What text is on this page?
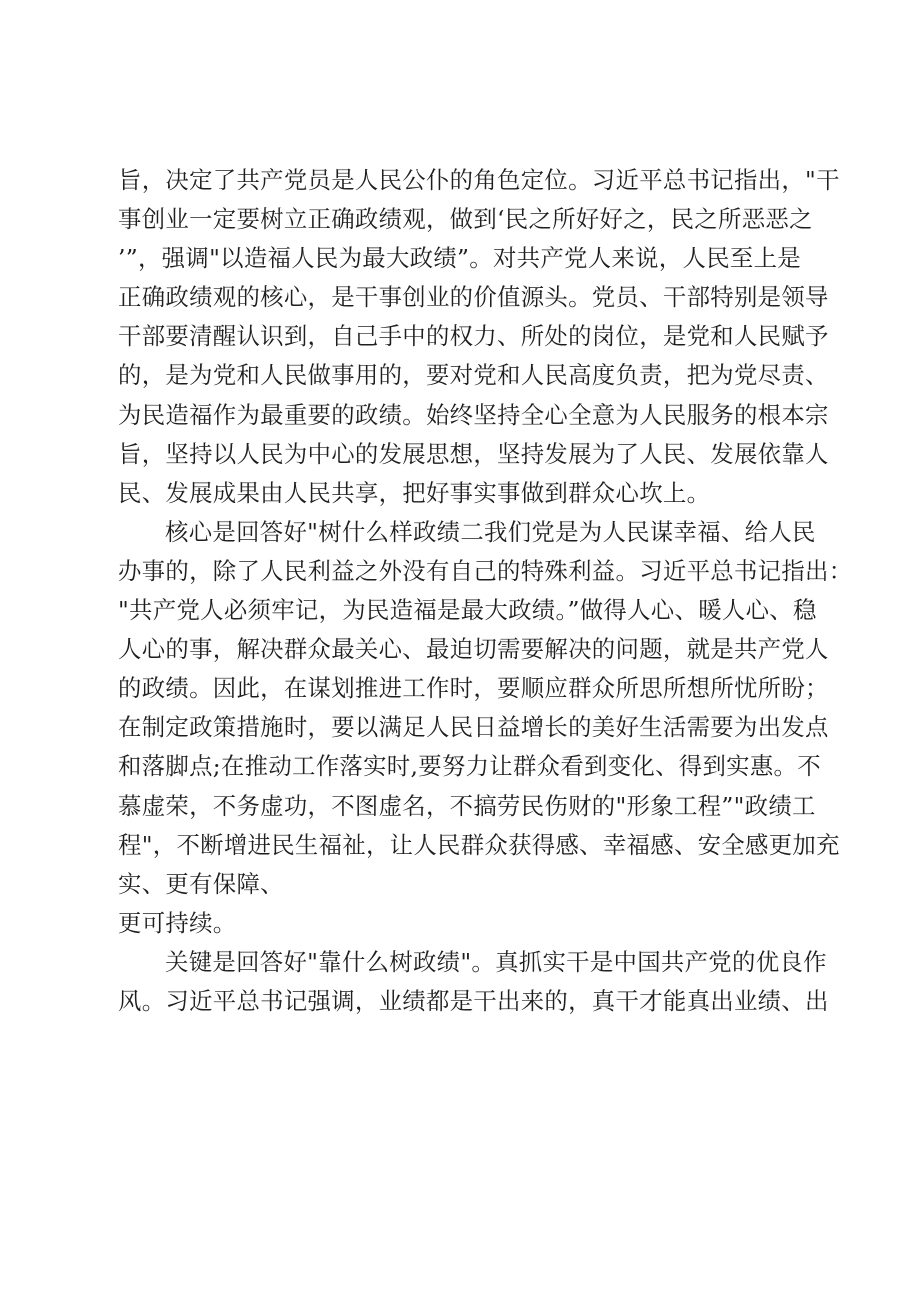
旨，决定了共产党员是人民公仆的角色定位。习近平总书记指出，"干
事创业一定要树立正确政绩观，做到‘民之所好好之，民之所恶恶之
’”，强调"以造福人民为最大政绩”。对共产党人来说，人民至上是
正确政绩观的核心，是干事创业的价值源头。党员、干部特别是领导
干部要清醒认识到，自己手中的权力、所处的岗位，是党和人民赋予
的，是为党和人民做事用的，要对党和人民高度负责，把为党尽责、
为民造福作为最重要的政绩。始终坚持全心全意为人民服务的根本宗
旨，坚持以人民为中心的发展思想，坚持发展为了人民、发展依靠人
民、发展成果由人民共享，把好事实事做到群众心坎上。
核心是回答好"树什么样政绩二我们党是为人民谋幸福、给人民
办事的，除了人民利益之外没有自己的特殊利益。习近平总书记指出：
"共产党人必须牢记，为民造福是最大政绩。”做得人心、暖人心、稳
人心的事，解决群众最关心、最迫切需要解决的问题，就是共产党人
的政绩。因此，在谋划推进工作时，要顺应群众所思所想所忧所盼；
在制定政策措施时，要以满足人民日益增长的美好生活需要为出发点
和落脚点;在推动工作落实时,要努力让群众看到变化、得到实惠。不
慕虚荣，不务虚功，不图虚名，不搞劳民伤财的"形象工程”"政绩工
程"，不断增进民生福祉，让人民群众获得感、幸福感、安全感更加充
实、更有保障、
更可持续。
关键是回答好"靠什么树政绩"。真抓实干是中国共产党的优良作
风。习近平总书记强调，业绩都是干出来的，真干才能真出业绩、出
